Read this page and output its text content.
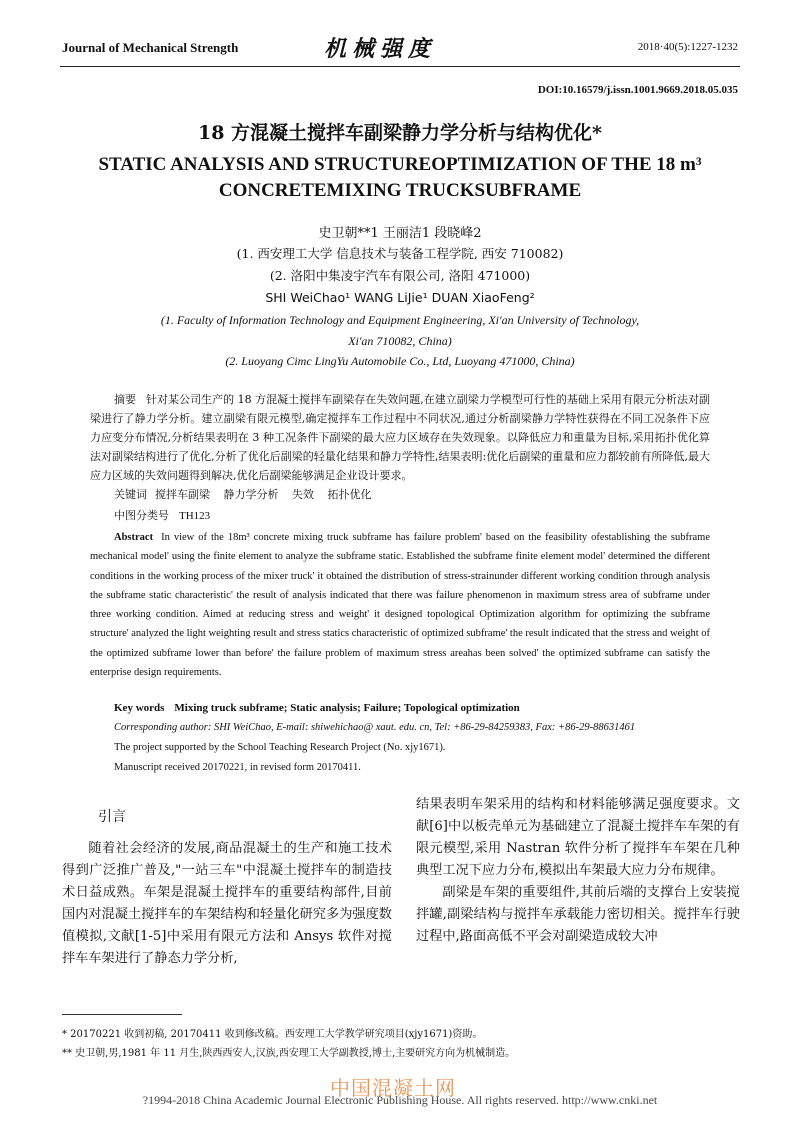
Journal of Mechanical Strength	机械强度	2018·40(5):1227-1232
DOI:10.16579/j.issn.1001.9669.2018.05.035
18 方混凝土搅拌车副梁静力学分析与结构优化*
STATIC ANALYSIS AND STRUCTUREOPTIMIZATION OF THE 18 m³ CONCRETEMIXING TRUCKSUBFRAME
史卫朝**1 王丽洁1 段晓峰2
(1. 西安理工大学 信息技术与装备工程学院, 西安 710082)
(2. 洛阳中集凌宇汽车有限公司, 洛阳 471000)
SHI WeiChao¹ WANG LiJie¹ DUAN XiaoFeng²
(1. Faculty of Information Technology and Equipment Engineering, Xi'an University of Technology,
Xi'an 710082, China)
(2. Luoyang Cimc LingYu Automobile Co., Ltd, Luoyang 471000, China)
摘要 针对某公司生产的 18 方混凝土搅拌车副梁存在失效问题,在建立副梁力学模型可行性的基础上采用有限元分析法对副梁进行了静力学分析。建立副梁有限元模型,确定搅拌车工作过程中不同状况,通过分析副梁静力学特性获得在不同工况条件下应力应变分布情况,分析结果表明在 3 种工况条件下副梁的最大应力区域存在失效现象。以降低应力和重量为目标,采用拓扑优化算法对副梁结构进行了优化,分析了优化后副梁的轻量化结果和静力学特性,结果表明:优化后副梁的重量和应力都较前有所降低,最大应力区域的失效问题得到解决,优化后副梁能够满足企业设计要求。
关键词 搅拌车副梁 静力学分析 失效 拓扑优化
中图分类号 TH123
Abstract In view of the 18m³ concrete mixing truck subframe has failure problem' based on the feasibility ofestablishing the subframe mechanical model' using the finite element to analyze the subframe static. Established the subframe finite element model' determined the different conditions in the working process of the mixer truck' it obtained the distribution of stress-strainunder different working condition through analysis the subframe static characteristic' the result of analysis indicated that there was failure phenomenon in maximum stress area of subframe under three working condition. Aimed at reducing stress and weight' it designed topological Optimization algorithm for optimizing the subframe structure' analyzed the light weighting result and stress statics characteristic of optimized subframe' the result indicated that the stress and weight of the optimized subframe lower than before' the failure problem of maximum stress areahas been solved' the optimized subframe can satisfy the enterprise design requirements.
Key words Mixing truck subframe; Static analysis; Failure; Topological optimization
Corresponding author: SHI WeiChao, E-mail: shiwehichao@ xaut. edu. cn, Tel: +86-29-84259383, Fax: +86-29-88631461
The project supported by the School Teaching Research Project (No. xjy1671).
Manuscript received 20170221, in revised form 20170411.
引言
随着社会经济的发展,商品混凝土的生产和施工技术得到广泛推广普及,"一站三车"中混凝土搅拌车的制造技术日益成熟。车架是混凝土搅拌车的重要结构部件,目前国内对混凝土搅拌车的车架结构和轻量化研究多为强度数值模拟,文献[1-5]中采用有限元方法和 Ansys 软件对搅拌车车架进行了静态力学分析,

结果表明车架采用的结构和材料能够满足强度要求。文献[6]中以板壳单元为基础建立了混凝土搅拌车车架的有限元模型,采用 Nastran 软件分析了搅拌车车架在几种典型工况下应力分布,模拟出车架最大应力分布规律。

副梁是车架的重要组件,其前后端的支撑台上安装搅拌罐,副梁结构与搅拌车承载能力密切相关。搅拌车行驶过程中,路面高低不平会对副梁造成较大冲

* 20170221 收到初稿, 20170411 收到修改稿。西安理工大学教学研究项目(xjy1671)资助。
** 史卫朝,男,1981 年 11 月生,陕西西安人,汉族,西安理工大学副教授,博士,主要研究方向为机械制造。
中国混凝土网
?1994-2018 China Academic Journal Electronic Publishing House. All rights reserved. http://www.cnki.net
